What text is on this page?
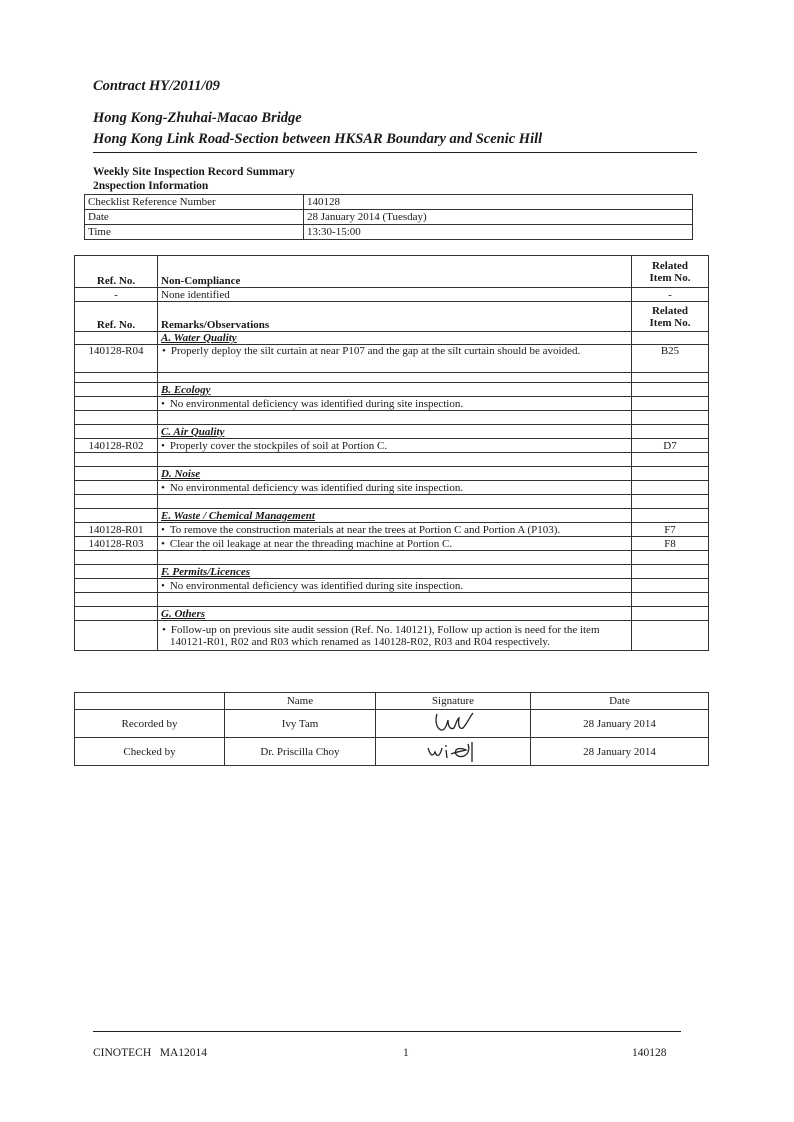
Contract HY/2011/09
Hong Kong-Zhuhai-Macao Bridge
Hong Kong Link Road-Section between HKSAR Boundary and Scenic Hill
Weekly Site Inspection Record Summary
2nspection Information
Checklist Reference Number	140128
Date	28 January 2014 (Tuesday)
Time	13:30-15:00
Ref. No.	Non-Compliance	Related
Item No.

-	None identified	-
Ref. No.	Remarks/Observations	Related
Item No.

	A. Water Quality	
140128-R04	•Properly deploy the silt curtain at near P107 and the gap at the silt curtain should be avoided.	B25

	B. Ecology	
	• No environmental deficiency was identified during site inspection.	

	C. Air Quality	
140128-R02	•Properly cover the stockpiles of soil at Portion C.	D7

	D. Noise	
	• No environmental deficiency was identified during site inspection.	

	E. Waste / Chemical Management	
140128-R01	•To remove the construction materials at near the trees at Portion C and Portion A (P103).	F7
140128-R03	•Clear the oil leakage at near the threading machine at Portion C.	F8

	F. Permits/Licences	
	• No environmental deficiency was identified during site inspection.	

	G. Others	
	• Follow-up on previous site audit session (Ref. No. 140121), Follow up action is need for the item 140121-R01, R02 and R03 which renamed as 140128-R02, R03 and R04 respectively.	
	Name	Signature	Date
Recorded by	Ivy Tam		28 January 2014
Checked by	Dr. Priscilla Choy		28 January 2014
CINOTECH   MA12014	1	140128
